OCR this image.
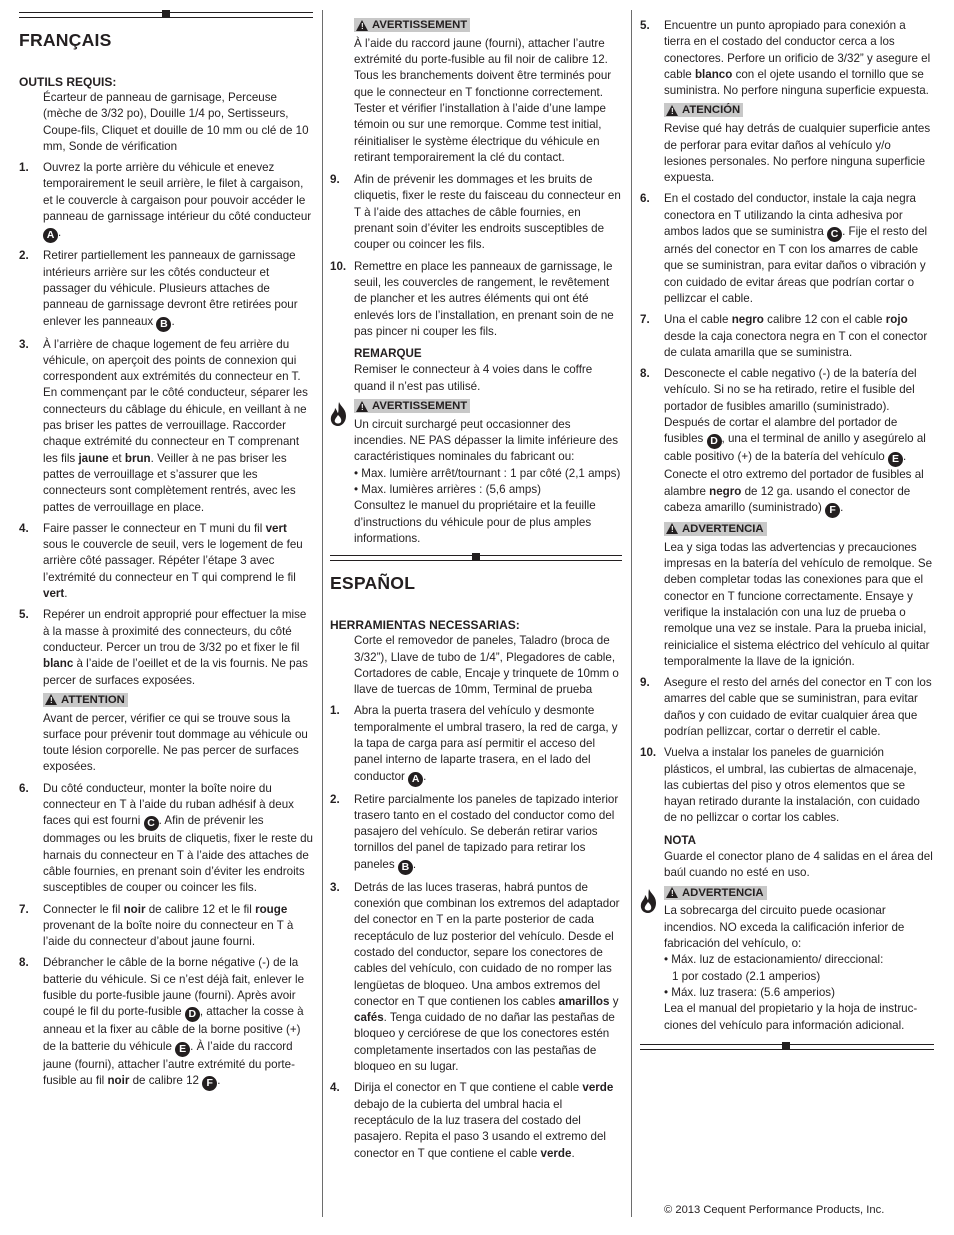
FRANÇAIS
OUTILS REQUIS:
Écarteur de panneau de garnisage, Perceuse (mèche de 3/32 po), Douille 1/4 po, Sertisseurs, Coupe-fils, Cliquet et douille de 10 mm ou clé de 10 mm, Sonde de vérification
1. Ouvrez la porte arrière du véhicule et enevez temporairement le seuil arrière, le filet à cargaison, et le couvercle à cargaison pour pouvoir accéder le panneau de garnissage intérieur du côté conducteur A .
2. Retirer partiellement les panneaux de garnissage intérieurs arrière sur les côtés conducteur et passager du véhicule. Plusieurs attaches de panneau de garnissage devront être retirées pour enlever les panneaux B .
3. À l’arrière de chaque logement de feu arrière du véhicule, on aperçoit des points de connexion qui correspondent aux extrémités du connecteur en T. En commençant par le côté conducteur, séparer les connecteurs du câblage du éhicule, en veillant à ne pas briser les pattes de verrouillage. Raccorder chaque extrémité du connecteur en T comprenant les fils jaune et brun. Veiller à ne pas briser les pattes de verrouillage et s’assurer que les connecteurs sont complètement rentrés, avec les pattes de verrouillage en place.
4. Faire passer le connecteur en T muni du fil vert sous le couvercle de seuil, vers le logement de feu arrière côté passager. Répéter l’étape 3 avec l’extrémité du connecteur en T qui comprend le fil vert.
5. Repérer un endroit approprié pour effectuer la mise à la masse à proximité des connecteurs, du côté conducteur. Percer un trou de 3/32 po et fixer le fil blanc à l’aide de l’oeillet et de la vis fournis. Ne pas percer de surfaces exposées.
! ATTENTION
Avant de percer, vérifier ce qui se trouve sous la surface pour prévenir tout dommage au véhicule ou toute lésion corporelle. Ne pas percer de surfaces exposées.
6. Du côté conducteur, monter la boîte noire du connecteur en T à l’aide du ruban adhésif à deux faces qui est fourni C . Afin de prévenir les dommages ou les bruits de cliquetis, fixer le reste du harnais du connecteur en T à l’aide des attaches de câble fournies, en prenant soin d’éviter les endroits susceptibles de couper ou coincer les fils.
7. Connecter le fil noir de calibre 12 et le fil rouge provenant de la boîte noire du connecteur en T à l’aide du connecteur d’about jaune fourni.
8. Débrancher le câble de la borne négative (-) de la batterie du véhicule. Si ce n’est déjà fait, enlever le fusible du porte-fusible jaune (fourni). Après avoir coupé le fil du porte-fusible D , attacher la cosse à anneau et la fixer au câble de la borne positive (+) de la batterie du véhicule E . À l’aide du raccord jaune (fourni), attacher l’autre extrémité du porte-fusible au fil noir de calibre 12 F .
! AVERTISSEMENT
À l’aide du raccord jaune (fourni), attacher l’autre extrémité du porte-fusible au fil noir de calibre 12. Tous les branchements doivent être terminés pour que le connecteur en T fonctionne correctement. Tester et vérifier l’installation à l’aide d’une lampe témoin ou sur une remorque. Comme test initial, réinitialiser le système électrique du véhicule en retirant temporairement la clé du contact.
9. Afin de prévenir les dommages et les bruits de cliquetis, fixer le reste du faisceau du connecteur en T à l’aide des attaches de câble fournies, en prenant soin d’éviter les endroits susceptibles de couper ou coincer les fils.
10. Remettre en place les panneaux de garnissage, le seuil, les couvercles de rangement, le revêtement de plancher et les autres éléments qui ont été enlevés lors de l’installation, en prenant soin de ne pas pincer ni couper les fils.
REMARQUE
Remiser le connecteur à 4 voies dans le coffre quand il n’est pas utilisé.
! AVERTISSEMENT
Un circuit surchargé peut occasionner des incendies. NE PAS dépasser la limite inférieure des caractéristiques nominales du fabricant ou:
• Max. lumière arrêt/tournant : 1 par côté (2,1 amps)
• Max. lumières arrières : (5,6 amps)
Consultez le manuel du propriétaire et la feuille d’instructions du véhicule pour de plus amples informations.
ESPAÑOL
HERRAMIENTAS NECESSARIAS:
Corte el removedor de paneles, Taladro (broca de 3/32”), Llave de tubo de 1/4”, Plegadores de cable, Cortadores de cable, Encaje y trinquete de 10mm o llave de tuercas de 10mm, Terminal de prueba
1. Abra la puerta trasera del vehículo y desmonte temporalmente el umbral trasero, la red de carga, y la tapa de carga para así permitir el acceso del panel interno de laparte trasera, en el lado del conductor A .
2. Retire parcialmente los paneles de tapizado interior trasero tanto en el costado del conductor como del pasajero del vehículo. Se deberán retirar varios tornillos del panel de tapizado para retirar los paneles B .
3. Detrás de las luces traseras, habrá puntos de conexión que combinan los extremos del adaptador del conector en T en la parte posterior de cada receptáculo de luz posterior del vehículo. Desde el costado del conductor, separe los conectores de cables del vehículo, con cuidado de no romper las lengüetas de bloqueo. Una ambos extremos del conector en T que contienen los cables amarillos y cafés. Tenga cuidado de no dañar las pestañas de bloqueo y cerciórese de que los conectores estén completamente insertados con las pestañas de bloqueo en su lugar.
4. Dirija el conector en T que contiene el cable verde debajo de la cubierta del umbral hacia el receptáculo de la luz trasera del costado del pasajero. Repita el paso 3 usando el extremo del conector en T que contiene el cable verde.
5. Encuentre un punto apropiado para conexión a tierra en el costado del conductor cerca a los conectores. Perfore un orificio de 3/32” y asegure el cable blanco con el ojete usando el tornillo que se suministra. No perfore ninguna superficie expuesta.
! ATENCIÓN
Revise qué hay detrás de cualquier superficie antes de perforar para evitar daños al vehículo y/o lesiones personales. No perfore ninguna superficie expuesta.
6. En el costado del conductor, instale la caja negra conectora en T utilizando la cinta adhesiva por ambos lados que se suministra C . Fije el resto del arnés del conector en T con los amarres de cable que se suministran, para evitar daños o vibración y con cuidado de evitar áreas que podrían cortar o pellizcar el cable.
7. Una el cable negro calibre 12 con el cable rojo desde la caja conectora negra en T con el conector de culata amarilla que se suministra.
8. Desconecte el cable negativo (-) de la batería del vehículo. Si no se ha retirado, retire el fusible del portador de fusibles amarillo (suministrado). Después de cortar el alambre del portador de fusibles D , una el terminal de anillo y asegúrelo al cable positivo (+) de la batería del vehículo E . Conecte el otro extremo del portador de fusibles al alambre negro de 12 ga. usando el conector de cabeza amarillo (suministrado) F .
! ADVERTENCIA
Lea y siga todas las advertencias y precauciones impresas en la batería del vehículo de remolque. Se deben completar todas las conexiones para que el conector en T funcione correctamente. Ensaye y verifique la instalación con una luz de prueba o remolque una vez se instale. Para la prueba inicial, reinicialice el sistema eléctrico del vehículo al quitar temporalmente la llave de la ignición.
9. Asegure el resto del arnés del conector en T con los amarres del cable que se suministran, para evitar daños y con cuidado de evitar cualquier área que podrían pellizcar, cortar o derretir el cable.
10. Vuelva a instalar los paneles de guarnición plásticos, el umbral, las cubiertas de almacenaje, las cubiertas del piso y otros elementos que se hayan retirado durante la instalación, con cuidado de no pellizcar o cortar los cables.
NOTA
Guarde el conector plano de 4 salidas en el área del baúl cuando no esté en uso.
! ADVERTENCIA
La sobrecarga del circuito puede ocasionar incendios. NO exceda la calificación inferior de fabricación del vehículo, o:
• Máx. luz de estacionamiento/ direccional:
1 por costado (2.1 amperios)
• Máx. luz trasera: (5.6 amperios)
Lea el manual del propietario y la hoja de instruc-ciones del vehículo para información adicional.
© 2013 Cequent Performance Products, Inc.
